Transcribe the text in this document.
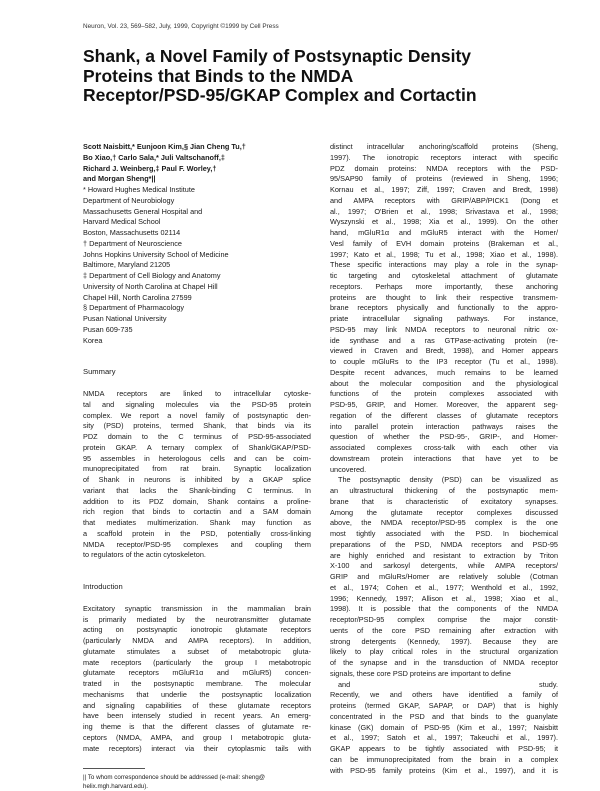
Neuron, Vol. 23, 569–582, July, 1999, Copyright ©1999 by Cell Press
Shank, a Novel Family of Postsynaptic Density
Proteins that Binds to the NMDA
Receptor/PSD-95/GKAP Complex and Cortactin
Scott Naisbitt,* Eunjoon Kim,§ Jian Cheng Tu,†
Bo Xiao,† Carlo Sala,* Juli Valtschanoff,‡
Richard J. Weinberg,‡ Paul F. Worley,†
and Morgan Sheng*||
* Howard Hughes Medical Institute
Department of Neurobiology
Massachusetts General Hospital and
Harvard Medical School
Boston, Massachusetts 02114
† Department of Neuroscience
Johns Hopkins University School of Medicine
Baltimore, Maryland 21205
‡ Department of Cell Biology and Anatomy
University of North Carolina at Chapel Hill
Chapel Hill, North Carolina 27599
§ Department of Pharmacology
Pusan National University
Pusan 609-735
Korea
Summary
NMDA receptors are linked to intracellular cytoske-
tal and signaling molecules via the PSD-95 protein
complex. We report a novel family of postsynaptic den-
sity (PSD) proteins, termed Shank, that binds via its
PDZ domain to the C terminus of PSD-95-associated
protein GKAP. A ternary complex of Shank/GKAP/PSD-
95 assembles in heterologous cells and can be coim-
munoprecipitated from rat brain. Synaptic localization
of Shank in neurons is inhibited by a GKAP splice
variant that lacks the Shank-binding C terminus. In
addition to its PDZ domain, Shank contains a proline-
rich region that binds to cortactin and a SAM domain
that mediates multimerization. Shank may function as
a scaffold protein in the PSD, potentially cross-linking
NMDA receptor/PSD-95 complexes and coupling them
to regulators of the actin cytoskeleton.
Introduction
Excitatory synaptic transmission in the mammalian brain
is primarily mediated by the neurotransmitter glutamate
acting on postsynaptic ionotropic glutamate receptors
(particularly NMDA and AMPA receptors). In addition,
glutamate stimulates a subset of metabotropic gluta-
mate receptors (particularly the group I metabotropic
glutamate receptors mGluR1α and mGluR5) concen-
trated in the postsynaptic membrane. The molecular
mechanisms that underlie the postsynaptic localization
and signaling capabilities of these glutamate receptors
have been intensely studied in recent years. An emerg-
ing theme is that the different classes of glutamate re-
ceptors (NMDA, AMPA, and group I metabotropic gluta-
mate receptors) interact via their cytoplasmic tails with
|| To whom correspondence should be addressed (e-mail: sheng@
helix.mgh.harvard.edu).
distinct intracellular anchoring/scaffold proteins (Sheng,
1997). The ionotropic receptors interact with specific
PDZ domain proteins: NMDA receptors with the PSD-
95/SAP90 family of proteins (reviewed in Sheng, 1996;
Kornau et al., 1997; Ziff, 1997; Craven and Bredt, 1998)
and AMPA receptors with GRIP/ABP/PICK1 (Dong et
al., 1997; O'Brien et al., 1998; Srivastava et al., 1998;
Wyszynski et al., 1998; Xia et al., 1999). On the other
hand, mGluR1α and mGluR5 interact with the Homer/
Vesl family of EVH domain proteins (Brakeman et al.,
1997; Kato et al., 1998; Tu et al., 1998; Xiao et al., 1998).
These specific interactions may play a role in the synap-
tic targeting and cytoskeletal attachment of glutamate
receptors. Perhaps more importantly, these anchoring
proteins are thought to link their respective transmem-
brane receptors physically and functionally to the appro-
priate intracellular signaling pathways. For instance,
PSD-95 may link NMDA receptors to neuronal nitric ox-
ide synthase and a ras GTPase-activating protein (re-
viewed in Craven and Bredt, 1998), and Homer appears
to couple mGluRs to the IP3 receptor (Tu et al., 1998).
Despite recent advances, much remains to be learned
about the molecular composition and the physiological
functions of the protein complexes associated with
PSD-95, GRIP, and Homer. Moreover, the apparent seg-
regation of the different classes of glutamate receptors
into parallel protein interaction pathways raises the
question of whether the PSD-95-, GRIP-, and Homer-
associated complexes cross-talk with each other via
downstream protein interactions that have yet to be
uncovered.
The postsynaptic density (PSD) can be visualized as
an ultrastructural thickening of the postsynaptic mem-
brane that is characteristic of excitatory synapses.
Among the glutamate receptor complexes discussed
above, the NMDA receptor/PSD-95 complex is the one
most tightly associated with the PSD. In biochemical
preparations of the PSD, NMDA receptors and PSD-95
are highly enriched and resistant to extraction by Triton
X-100 and sarkosyl detergents, while AMPA receptors/
GRIP and mGluRs/Homer are relatively soluble (Cotman
et al., 1974; Cohen et al., 1977; Wenthold et al., 1992,
1996; Kennedy, 1997; Allison et al., 1998; Xiao et al.,
1998). It is possible that the components of the NMDA
receptor/PSD-95 complex comprise the major constit-
uents of the core PSD remaining after extraction with
strong detergents (Kennedy, 1997). Because they are
likely to play critical roles in the structural organization
of the synapse and in the transduction of NMDA receptor
signals, these core PSD proteins are important to define
and study.
Recently, we and others have identified a family of
proteins (termed GKAP, SAPAP, or DAP) that is highly
concentrated in the PSD and that binds to the guanylate
kinase (GK) domain of PSD-95 (Kim et al., 1997; Naisbitt
et al., 1997; Satoh et al., 1997; Takeuchi et al., 1997).
GKAP appears to be tightly associated with PSD-95; it
can be immunoprecipitated from the brain in a complex
with PSD-95 family proteins (Kim et al., 1997), and it is
